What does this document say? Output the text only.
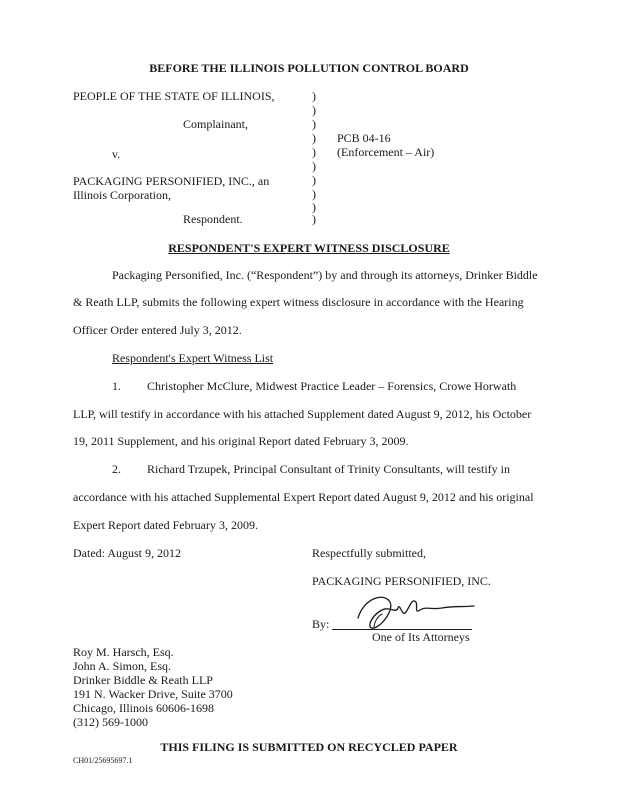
BEFORE THE ILLINOIS POLLUTION CONTROL BOARD
PEOPLE OF THE STATE OF ILLINOIS,
Complainant,
v.
PACKAGING PERSONIFIED, INC., an
Illinois Corporation,
Respondent.
)
)
)
)
)
)
)
)
)
)
PCB 04-16
(Enforcement – Air)
RESPONDENT'S EXPERT WITNESS DISCLOSURE
Packaging Personified, Inc. (“Respondent”) by and through its attorneys, Drinker Biddle
& Reath LLP, submits the following expert witness disclosure in accordance with the Hearing
Officer Order entered July 3, 2012.
Respondent's Expert Witness List
1. Christopher McClure, Midwest Practice Leader – Forensics, Crowe Horwath
LLP, will testify in accordance with his attached Supplement dated August 9, 2012, his October
19, 2011 Supplement, and his original Report dated February 3, 2009.
2. Richard Trzupek, Principal Consultant of Trinity Consultants, will testify in
accordance with his attached Supplemental Expert Report dated August 9, 2012 and his original
Expert Report dated February 3, 2009.
Dated: August 9, 2012	Respectfully submitted,
PACKAGING PERSONIFIED, INC.
By:
One of Its Attorneys
Roy M. Harsch, Esq.
John A. Simon, Esq.
Drinker Biddle & Reath LLP
191 N. Wacker Drive, Suite 3700
Chicago, Illinois 60606-1698
(312) 569-1000
THIS FILING IS SUBMITTED ON RECYCLED PAPER
CH01/25695697.1
